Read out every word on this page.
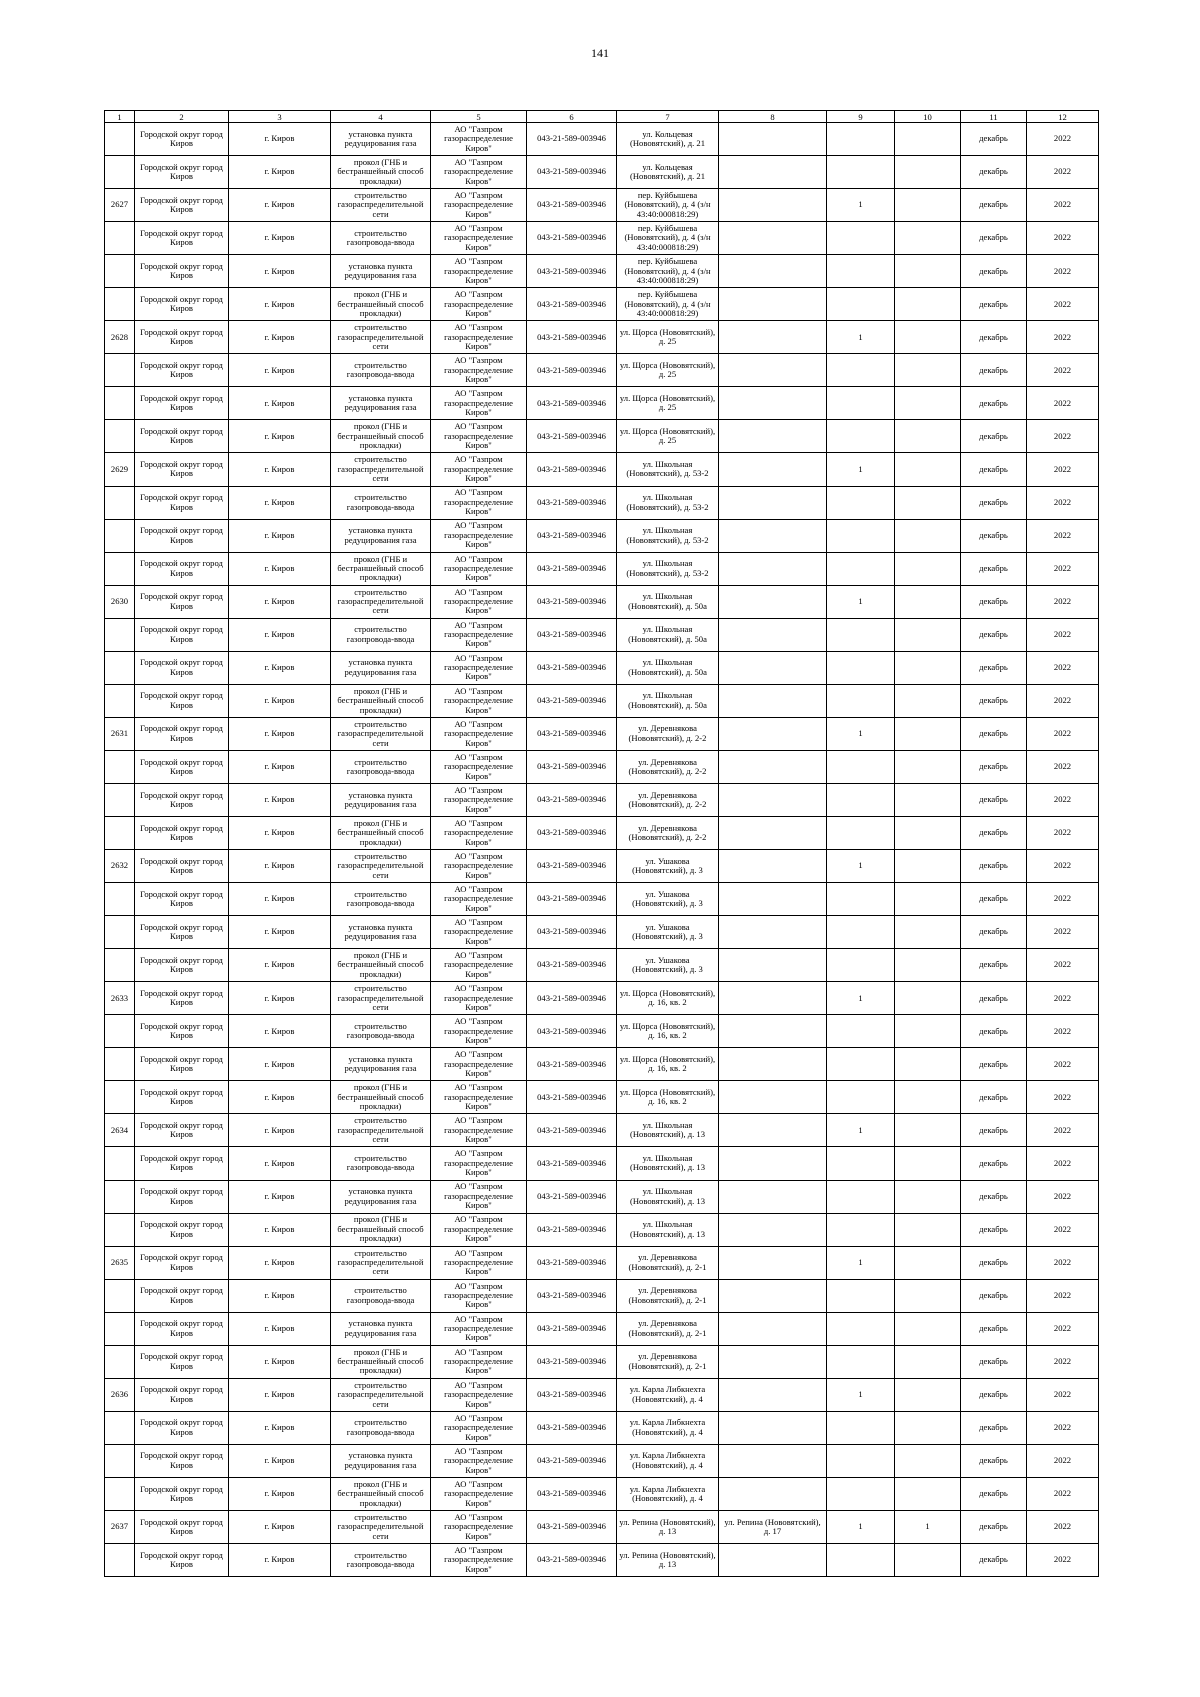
141
1	2	3	4	5	6	7	8	9	10	11	12

	Городской округ город Киров	г. Киров	установка пункта редуцирования газа	АО "Газпром газораспределение Киров"	043-21-589-003946	ул. Кольцевая (Нововятский), д. 21				декабрь	2022

	Городской округ город Киров	г. Киров	прокол (ГНБ и бестраншейный способ прокладки)	АО "Газпром газораспределение Киров"	043-21-589-003946	ул. Кольцевая (Нововятский), д. 21				декабрь	2022

2627	Городской округ город Киров	г. Киров	строительство газораспределительной сети	АО "Газпром газораспределение Киров"	043-21-589-003946	пер. Куйбышева (Нововятский), д. 4 (з/н 43:40:000818:29)		1		декабрь	2022

	Городской округ город Киров	г. Киров	строительство газопровода-ввода	АО "Газпром газораспределение Киров"	043-21-589-003946	пер. Куйбышева (Нововятский), д. 4 (з/н 43:40:000818:29)				декабрь	2022

	Городской округ город Киров	г. Киров	установка пункта редуцирования газа	АО "Газпром газораспределение Киров"	043-21-589-003946	пер. Куйбышева (Нововятский), д. 4 (з/н 43:40:000818:29)				декабрь	2022

	Городской округ город Киров	г. Киров	прокол (ГНБ и бестраншейный способ прокладки)	АО "Газпром газораспределение Киров"	043-21-589-003946	пер. Куйбышева (Нововятский), д. 4 (з/н 43:40:000818:29)				декабрь	2022

2628	Городской округ город Киров	г. Киров	строительство газораспределительной сети	АО "Газпром газораспределение Киров"	043-21-589-003946	ул. Щорса (Нововятский), д. 25		1		декабрь	2022

	Городской округ город Киров	г. Киров	строительство газопровода-ввода	АО "Газпром газораспределение Киров"	043-21-589-003946	ул. Щорса (Нововятский), д. 25				декабрь	2022

	Городской округ город Киров	г. Киров	установка пункта редуцирования газа	АО "Газпром газораспределение Киров"	043-21-589-003946	ул. Щорса (Нововятский), д. 25				декабрь	2022

	Городской округ город Киров	г. Киров	прокол (ГНБ и бестраншейный способ прокладки)	АО "Газпром газораспределение Киров"	043-21-589-003946	ул. Щорса (Нововятский), д. 25				декабрь	2022

2629	Городской округ город Киров	г. Киров	строительство газораспределительной сети	АО "Газпром газораспределение Киров"	043-21-589-003946	ул. Школьная (Нововятский), д. 53-2		1		декабрь	2022

	Городской округ город Киров	г. Киров	строительство газопровода-ввода	АО "Газпром газораспределение Киров"	043-21-589-003946	ул. Школьная (Нововятский), д. 53-2				декабрь	2022

	Городской округ город Киров	г. Киров	установка пункта редуцирования газа	АО "Газпром газораспределение Киров"	043-21-589-003946	ул. Школьная (Нововятский), д. 53-2				декабрь	2022

	Городской округ город Киров	г. Киров	прокол (ГНБ и бестраншейный способ прокладки)	АО "Газпром газораспределение Киров"	043-21-589-003946	ул. Школьная (Нововятский), д. 53-2				декабрь	2022

2630	Городской округ город Киров	г. Киров	строительство газораспределительной сети	АО "Газпром газораспределение Киров"	043-21-589-003946	ул. Школьная (Нововятский), д. 50а		1		декабрь	2022

	Городской округ город Киров	г. Киров	строительство газопровода-ввода	АО "Газпром газораспределение Киров"	043-21-589-003946	ул. Школьная (Нововятский), д. 50а				декабрь	2022

	Городской округ город Киров	г. Киров	установка пункта редуцирования газа	АО "Газпром газораспределение Киров"	043-21-589-003946	ул. Школьная (Нововятский), д. 50а				декабрь	2022

	Городской округ город Киров	г. Киров	прокол (ГНБ и бестраншейный способ прокладки)	АО "Газпром газораспределение Киров"	043-21-589-003946	ул. Школьная (Нововятский), д. 50а				декабрь	2022

2631	Городской округ город Киров	г. Киров	строительство газораспределительной сети	АО "Газпром газораспределение Киров"	043-21-589-003946	ул. Деревнякова (Нововятский), д. 2-2		1		декабрь	2022

	Городской округ город Киров	г. Киров	строительство газопровода-ввода	АО "Газпром газораспределение Киров"	043-21-589-003946	ул. Деревнякова (Нововятский), д. 2-2				декабрь	2022

	Городской округ город Киров	г. Киров	установка пункта редуцирования газа	АО "Газпром газораспределение Киров"	043-21-589-003946	ул. Деревнякова (Нововятский), д. 2-2				декабрь	2022

	Городской округ город Киров	г. Киров	прокол (ГНБ и бестраншейный способ прокладки)	АО "Газпром газораспределение Киров"	043-21-589-003946	ул. Деревнякова (Нововятский), д. 2-2				декабрь	2022

2632	Городской округ город Киров	г. Киров	строительство газораспределительной сети	АО "Газпром газораспределение Киров"	043-21-589-003946	ул. Ушакова (Нововятский), д. 3		1		декабрь	2022

	Городской округ город Киров	г. Киров	строительство газопровода-ввода	АО "Газпром газораспределение Киров"	043-21-589-003946	ул. Ушакова (Нововятский), д. 3				декабрь	2022

	Городской округ город Киров	г. Киров	установка пункта редуцирования газа	АО "Газпром газораспределение Киров"	043-21-589-003946	ул. Ушакова (Нововятский), д. 3				декабрь	2022

	Городской округ город Киров	г. Киров	прокол (ГНБ и бестраншейный способ прокладки)	АО "Газпром газораспределение Киров"	043-21-589-003946	ул. Ушакова (Нововятский), д. 3				декабрь	2022

2633	Городской округ город Киров	г. Киров	строительство газораспределительной сети	АО "Газпром газораспределение Киров"	043-21-589-003946	ул. Щорса (Нововятский), д. 16, кв. 2		1		декабрь	2022

	Городской округ город Киров	г. Киров	строительство газопровода-ввода	АО "Газпром газораспределение Киров"	043-21-589-003946	ул. Щорса (Нововятский), д. 16, кв. 2				декабрь	2022

	Городской округ город Киров	г. Киров	установка пункта редуцирования газа	АО "Газпром газораспределение Киров"	043-21-589-003946	ул. Щорса (Нововятский), д. 16, кв. 2				декабрь	2022

	Городской округ город Киров	г. Киров	прокол (ГНБ и бестраншейный способ прокладки)	АО "Газпром газораспределение Киров"	043-21-589-003946	ул. Щорса (Нововятский), д. 16, кв. 2				декабрь	2022

2634	Городской округ город Киров	г. Киров	строительство газораспределительной сети	АО "Газпром газораспределение Киров"	043-21-589-003946	ул. Школьная (Нововятский), д. 13		1		декабрь	2022

	Городской округ город Киров	г. Киров	строительство газопровода-ввода	АО "Газпром газораспределение Киров"	043-21-589-003946	ул. Школьная (Нововятский), д. 13				декабрь	2022

	Городской округ город Киров	г. Киров	установка пункта редуцирования газа	АО "Газпром газораспределение Киров"	043-21-589-003946	ул. Школьная (Нововятский), д. 13				декабрь	2022

	Городской округ город Киров	г. Киров	прокол (ГНБ и бестраншейный способ прокладки)	АО "Газпром газораспределение Киров"	043-21-589-003946	ул. Школьная (Нововятский), д. 13				декабрь	2022

2635	Городской округ город Киров	г. Киров	строительство газораспределительной сети	АО "Газпром газораспределение Киров"	043-21-589-003946	ул. Деревнякова (Нововятский), д. 2-1		1		декабрь	2022

	Городской округ город Киров	г. Киров	строительство газопровода-ввода	АО "Газпром газораспределение Киров"	043-21-589-003946	ул. Деревнякова (Нововятский), д. 2-1				декабрь	2022

	Городской округ город Киров	г. Киров	установка пункта редуцирования газа	АО "Газпром газораспределение Киров"	043-21-589-003946	ул. Деревнякова (Нововятский), д. 2-1				декабрь	2022

	Городской округ город Киров	г. Киров	прокол (ГНБ и бестраншейный способ прокладки)	АО "Газпром газораспределение Киров"	043-21-589-003946	ул. Деревнякова (Нововятский), д. 2-1				декабрь	2022

2636	Городской округ город Киров	г. Киров	строительство газораспределительной сети	АО "Газпром газораспределение Киров"	043-21-589-003946	ул. Карла Либкнехта (Нововятский), д. 4		1		декабрь	2022

	Городской округ город Киров	г. Киров	строительство газопровода-ввода	АО "Газпром газораспределение Киров"	043-21-589-003946	ул. Карла Либкнехта (Нововятский), д. 4				декабрь	2022

	Городской округ город Киров	г. Киров	установка пункта редуцирования газа	АО "Газпром газораспределение Киров"	043-21-589-003946	ул. Карла Либкнехта (Нововятский), д. 4				декабрь	2022

	Городской округ город Киров	г. Киров	прокол (ГНБ и бестраншейный способ прокладки)	АО "Газпром газораспределение Киров"	043-21-589-003946	ул. Карла Либкнехта (Нововятский), д. 4				декабрь	2022

2637	Городской округ город Киров	г. Киров	строительство газораспределительной сети	АО "Газпром газораспределение Киров"	043-21-589-003946	ул. Репина (Нововятский), д. 13	ул. Репина (Нововятский), д. 17	1	1	декабрь	2022

	Городской округ город Киров	г. Киров	строительство газопровода-ввода	АО "Газпром газораспределение Киров"	043-21-589-003946	ул. Репина (Нововятский), д. 13				декабрь	2022
